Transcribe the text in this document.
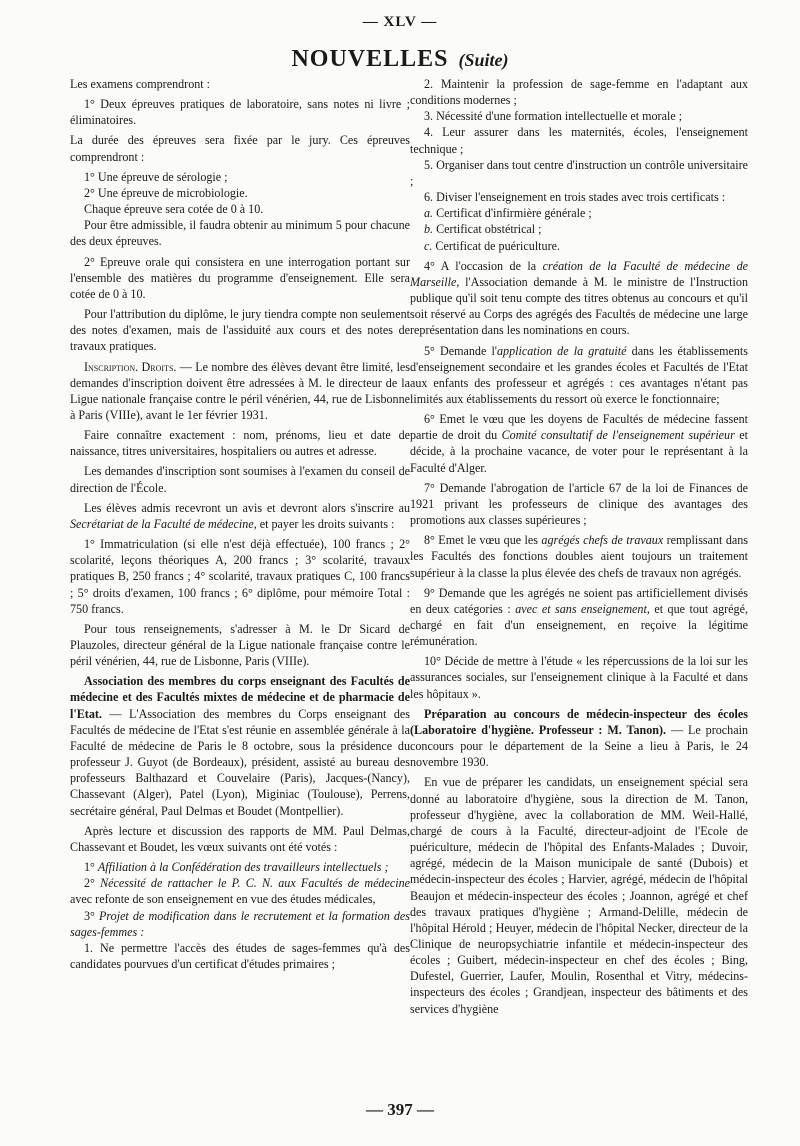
— XLV —
NOUVELLES (Suite)

Les examens comprendront :

1° Deux épreuves pratiques de laboratoire, sans notes ni livre ; éliminatoires.

La durée des épreuves sera fixée par le jury. Ces épreuves comprendront :

1° Une épreuve de sérologie ;

2° Une épreuve de microbiologie.

Chaque épreuve sera cotée de 0 à 10.

Pour être admissible, il faudra obtenir au minimum 5 pour chacune des deux épreuves.

2° Epreuve orale qui consistera en une interrogation portant sur l'ensemble des matières du programme d'enseignement. Elle sera cotée de 0 à 10.

Pour l'attribution du diplôme, le jury tiendra compte non seulement des notes d'examen, mais de l'assiduité aux cours et des notes de travaux pratiques.

Inscription. Droits. — Le nombre des élèves devant être limité, les demandes d'inscription doivent être adressées à M. le directeur de la Ligue nationale française contre le péril vénérien, 44, rue de Lisbonne à Paris (VIIIe), avant le 1er février 1931.

Faire connaître exactement : nom, prénoms, lieu et date de naissance, titres universitaires, hospitaliers ou autres et adresse.

Les demandes d'inscription sont soumises à l'examen du conseil de direction de l'École.

Les élèves admis recevront un avis et devront alors s'inscrire au Secrétariat de la Faculté de médecine, et payer les droits suivants :

1° Immatriculation (si elle n'est déjà effectuée), 100 francs ; 2° scolarité, leçons théoriques A, 200 francs ; 3° scolarité, travaux pratiques B, 250 francs ; 4° scolarité, travaux pratiques C, 100 francs ; 5° droits d'examen, 100 francs ; 6° diplôme, pour mémoire Total : 750 francs.

Pour tous renseignements, s'adresser à M. le Dr Sicard de Plauzoles, directeur général de la Ligue nationale française contre le péril vénérien, 44, rue de Lisbonne, Paris (VIIIe).

Association des membres du corps enseignant des Facultés de médecine et des Facultés mixtes de médecine et de pharmacie de l'Etat. — L'Association des membres du Corps enseignant des Facultés de médecine de l'Etat s'est réunie en assemblée générale à la Faculté de médecine de Paris le 8 octobre, sous la présidence du professeur J. Guyot (de Bordeaux), président, assisté au bureau des professeurs Balthazard et Couvelaire (Paris), Jacques-(Nancy), Chassevant (Alger), Patel (Lyon), Miginiac (Toulouse), Perrens, secrétaire général, Paul Delmas et Boudet (Montpellier).

Après lecture et discussion des rapports de MM. Paul Delmas, Chassevant et Boudet, les vœux suivants ont été votés :

1° Affiliation à la Confédération des travailleurs intellectuels ;

2° Nécessité de rattacher le P. C. N. aux Facultés de médecine avec refonte de son enseignement en vue des études médicales,

3° Projet de modification dans le recrutement et la formation des sages-femmes :

1. Ne permettre l'accès des études de sages-femmes qu'à des candidates pourvues d'un certificat d'études primaires ;

2. Maintenir la profession de sage-femme en l'adaptant aux conditions modernes ;

3. Nécessité d'une formation intellectuelle et morale ;

4. Leur assurer dans les maternités, écoles, l'enseignement technique ;

5. Organiser dans tout centre d'instruction un contrôle universitaire ;

6. Diviser l'enseignement en trois stades avec trois certificats :

a. Certificat d'infirmière générale ;

b. Certificat obstétrical ;

c. Certificat de puériculture.

4° A l'occasion de la création de la Faculté de médecine de Marseille, l'Association demande à M. le ministre de l'Instruction publique qu'il soit tenu compte des titres obtenus au concours et qu'il soit réservé au Corps des agrégés des Facultés de médecine une large représentation dans les nominations en cours.

5° Demande l'application de la gratuité dans les établissements d'enseignement secondaire et les grandes écoles et Facultés de l'Etat aux enfants des professeur et agrégés : ces avantages n'étant pas limités aux établissements du ressort où exerce le fonctionnaire;

6° Emet le vœu que les doyens de Facultés de médecine fassent partie de droit du Comité consultatif de l'enseignement supérieur et décide, à la prochaine vacance, de voter pour le représentant à la Faculté d'Alger.

7° Demande l'abrogation de l'article 67 de la loi de Finances de 1921 privant les professeurs de clinique des avantages des promotions aux classes supérieures ;

8° Emet le vœu que les agrégés chefs de travaux remplissant dans les Facultés des fonctions doubles aient toujours un traitement supérieur à la classe la plus élevée des chefs de travaux non agrégés.

9° Demande que les agrégés ne soient pas artificiellement divisés en deux catégories : avec et sans enseignement, et que tout agrégé, chargé en fait d'un enseignement, en reçoive la légitime rémunération.

10° Décide de mettre à l'étude « les répercussions de la loi sur les assurances sociales, sur l'enseignement clinique à la Faculté et dans les hôpitaux ».

Préparation au concours de médecin-inspecteur des écoles (Laboratoire d'hygiène. Professeur : M. Tanon). — Le prochain concours pour le département de la Seine a lieu à Paris, le 24 novembre 1930.

En vue de préparer les candidats, un enseignement spécial sera donné au laboratoire d'hygiène, sous la direction de M. Tanon, professeur d'hygiène, avec la collaboration de MM. Weil-Hallé, chargé de cours à la Faculté, directeur-adjoint de l'Ecole de puériculture, médecin de l'hôpital des Enfants-Malades ; Duvoir, agrégé, médecin de la Maison municipale de santé (Dubois) et médecin-inspecteur des écoles ; Harvier, agrégé, médecin de l'hôpital Beaujon et médecin-inspecteur des écoles ; Joannon, agrégé et chef des travaux pratiques d'hygiène ; Armand-Delille, médecin de l'hôpital Hérold ; Heuyer, médecin de l'hôpital Necker, directeur de la Clinique de neuropsychiatrie infantile et médecin-inspecteur des écoles ; Guibert, médecin-inspecteur en chef des écoles ; Bing, Dufestel, Guerrier, Laufer, Moulin, Rosenthal et Vitry, médecins-inspecteurs des écoles ; Grandjean, inspecteur des bâtiments et des services d'hygiène

— 397 —
